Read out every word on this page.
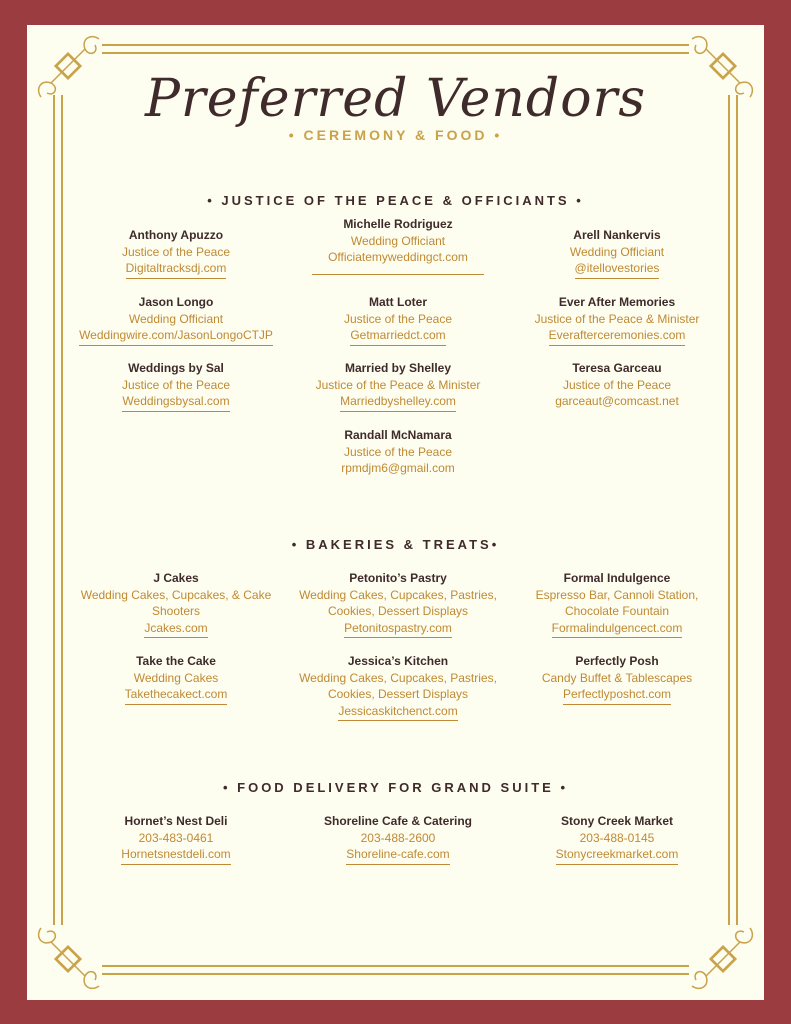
Preferred Vendors
• CEREMONY & FOOD •
• JUSTICE OF THE PEACE & OFFICIANTS •
Anthony Apuzzo
Justice of the Peace
Digitaltracksdj.com
Michelle Rodriguez
Wedding Officiant
Officiatemyweddingct.com
Arell Nankervis
Wedding Officiant
@itellovestories
Jason Longo
Wedding Officiant
Weddingwire.com/JasonLongoCTJP
Matt Loter
Justice of the Peace
Getmarriedct.com
Ever After Memories
Justice of the Peace & Minister
Everafterceremonies.com
Weddings by Sal
Justice of the Peace
Weddingsbysal.com
Married by Shelley
Justice of the Peace & Minister
Marriedbyshelley.com
Teresa Garceau
Justice of the Peace
garceaut@comcast.net
Randall McNamara
Justice of the Peace
rpmdjm6@gmail.com
• BAKERIES & TREATS•
J Cakes
Wedding Cakes, Cupcakes, & Cake Shooters
Jcakes.com
Petonito’s Pastry
Wedding Cakes, Cupcakes, Pastries, Cookies, Dessert Displays
Petonitospastry.com
Formal Indulgence
Espresso Bar, Cannoli Station, Chocolate Fountain
Formalindulgencect.com
Take the Cake
Wedding Cakes
Takethecakect.com
Jessica’s Kitchen
Wedding Cakes, Cupcakes, Pastries, Cookies, Dessert Displays
Jessicaskitchenct.com
Perfectly Posh
Candy Buffet & Tablescapes
Perfectlyposhct.com
• FOOD DELIVERY FOR GRAND SUITE •
Hornet’s Nest Deli
203-483-0461
Hornetsnestdeli.com
Shoreline Cafe & Catering
203-488-2600
Shoreline-cafe.com
Stony Creek Market
203-488-0145
Stonycreekmarket.com
